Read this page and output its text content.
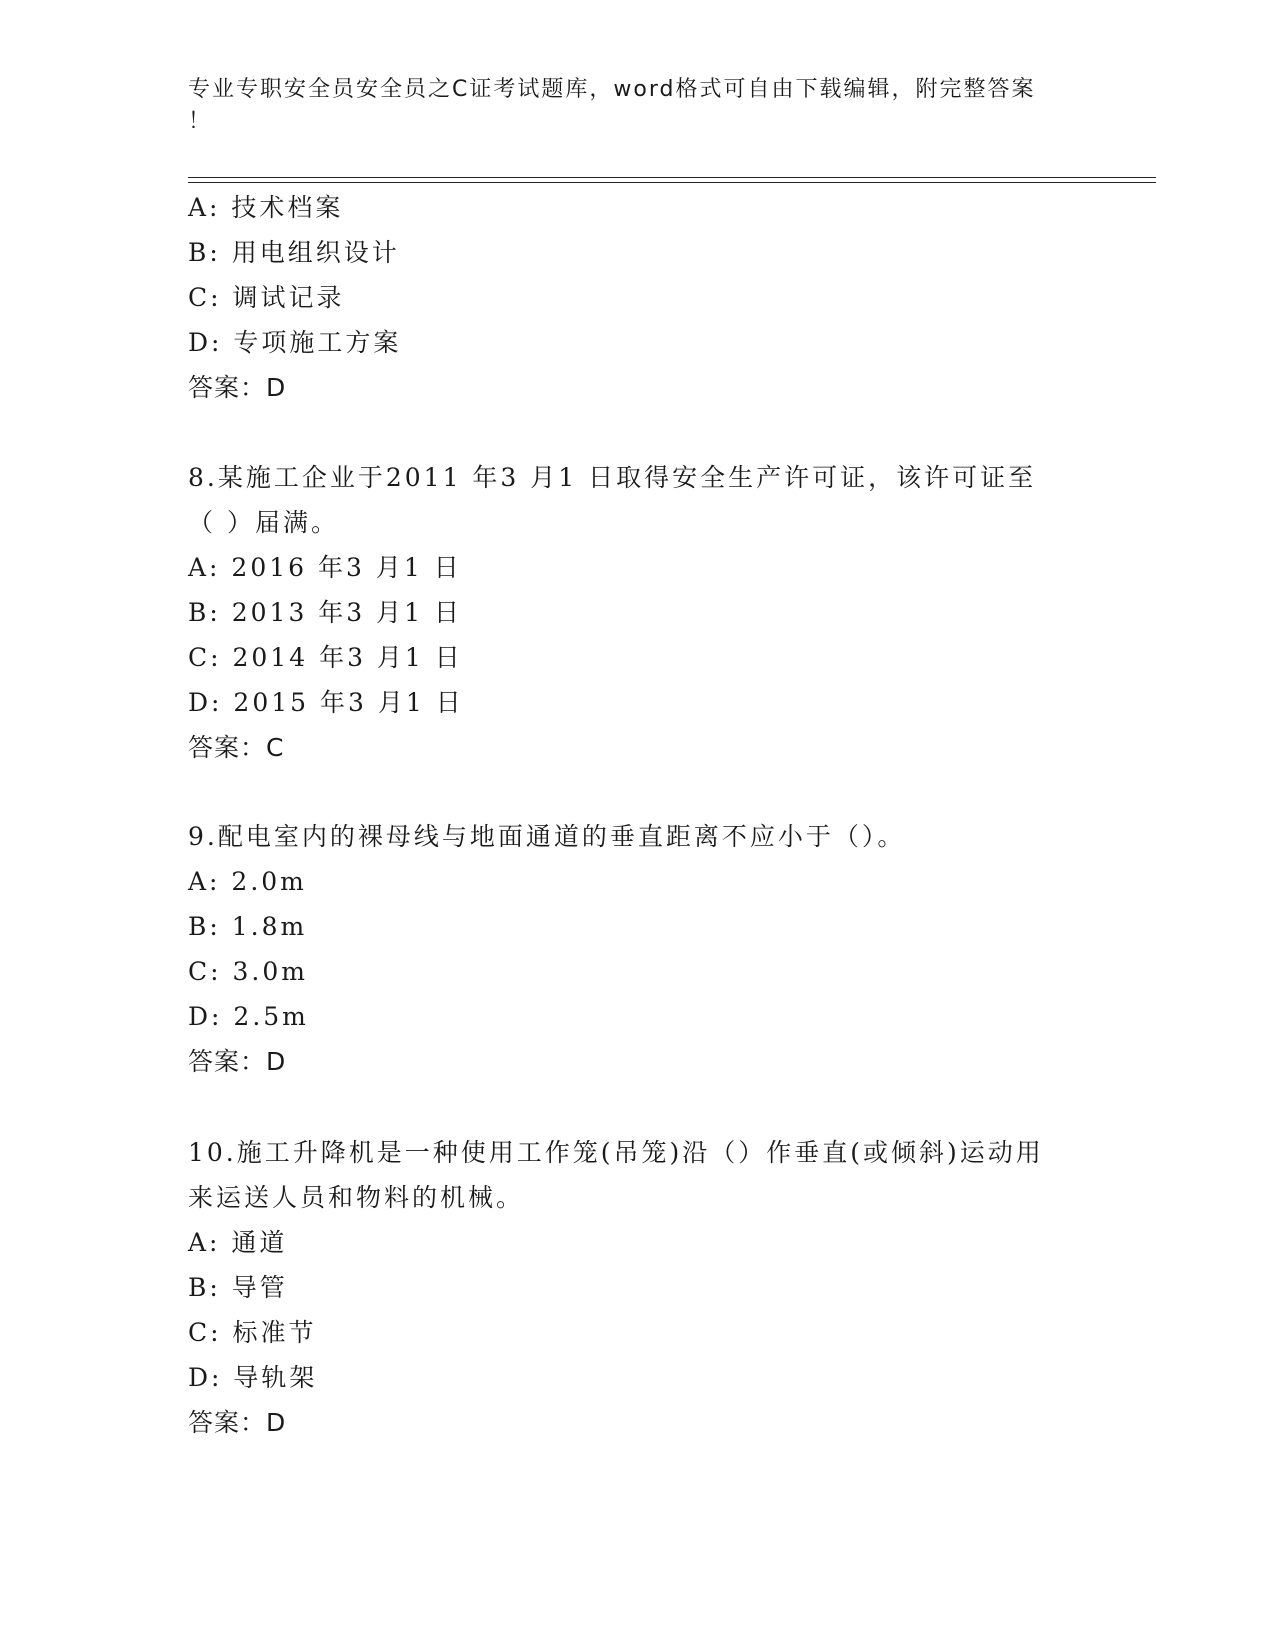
专业专职安全员安全员之C证考试题库，word格式可自由下载编辑，附完整答案
！
A: 技术档案
B: 用电组织设计
C: 调试记录
D: 专项施工方案
答案：D
8.某施工企业于2011 年3 月1 日取得安全生产许可证，该许可证至
（ ）届满。
A: 2016 年3 月1 日
B: 2013 年3 月1 日
C: 2014 年3 月1 日
D: 2015 年3 月1 日
答案：C
9.配电室内的裸母线与地面通道的垂直距离不应小于（）。
A: 2.0m
B: 1.8m
C: 3.0m
D: 2.5m
答案：D
10.施工升降机是一种使用工作笼(吊笼)沿（）作垂直(或倾斜)运动用
来运送人员和物料的机械。
A: 通道
B: 导管
C: 标准节
D: 导轨架
答案：D
